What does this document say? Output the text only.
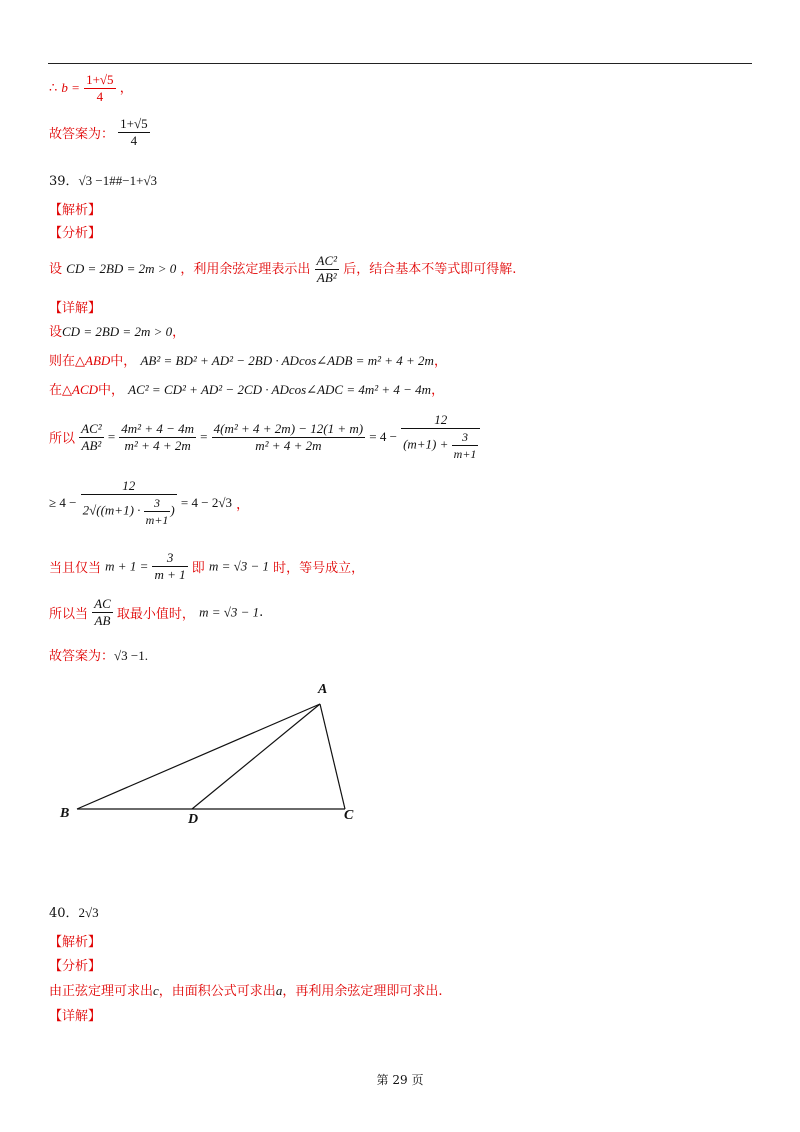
∴ $b = \frac{1+√5}{4}$ ，
故答案为： $\frac{1+√5}{4}$
39．√3 −1##−1+√3
【解析】
【分析】
设 CD = 2BD = 2m > 0 ，利用余弦定理表示出 $\frac{\text{AC²}}{\text{AB²}}$ 后，结合基本不等式即可得解.
【详解】
设CD = 2BD = 2m > 0，
则在△ABD中， AB² = BD² + AD² − 2BD · ADcos∠ADB = m² + 4 + 2m，
在△ACD中， AC² = CD² + AD² − 2CD · ADcos∠ADC = 4m² + 4 − 4m，
所以 $\frac{\text{AC²}}{\text{AB²}} = \frac{\text{4m² + 4 − 4m}}{\text{m² + 4 + 2m}} = \frac{\text{4(m² + 4 + 2m) − 12(1 + m)}}{\text{m² + 4 + 2m}} = 4 - \frac{12}{(m+1) + \frac{3}{m+1}}$
≥ $4 - \frac{12}{2√((m+1) \cdot \frac{3}{m+1} )} = 4 - 2√3$ ，
当且仅当 $m + 1 = \frac{3}{m + 1}$ 即 m = √3 − 1 时，等号成立，
所以当 $\frac{AC}{AB}$ 取最小值时， m = √3 − 1.
故答案为：√3 −1.
A
B	C
D
40．2√3
【解析】
【分析】
由正弦定理可求出c，由面积公式可求出a，再利用余弦定理即可求出.
【详解】
第 29 页
